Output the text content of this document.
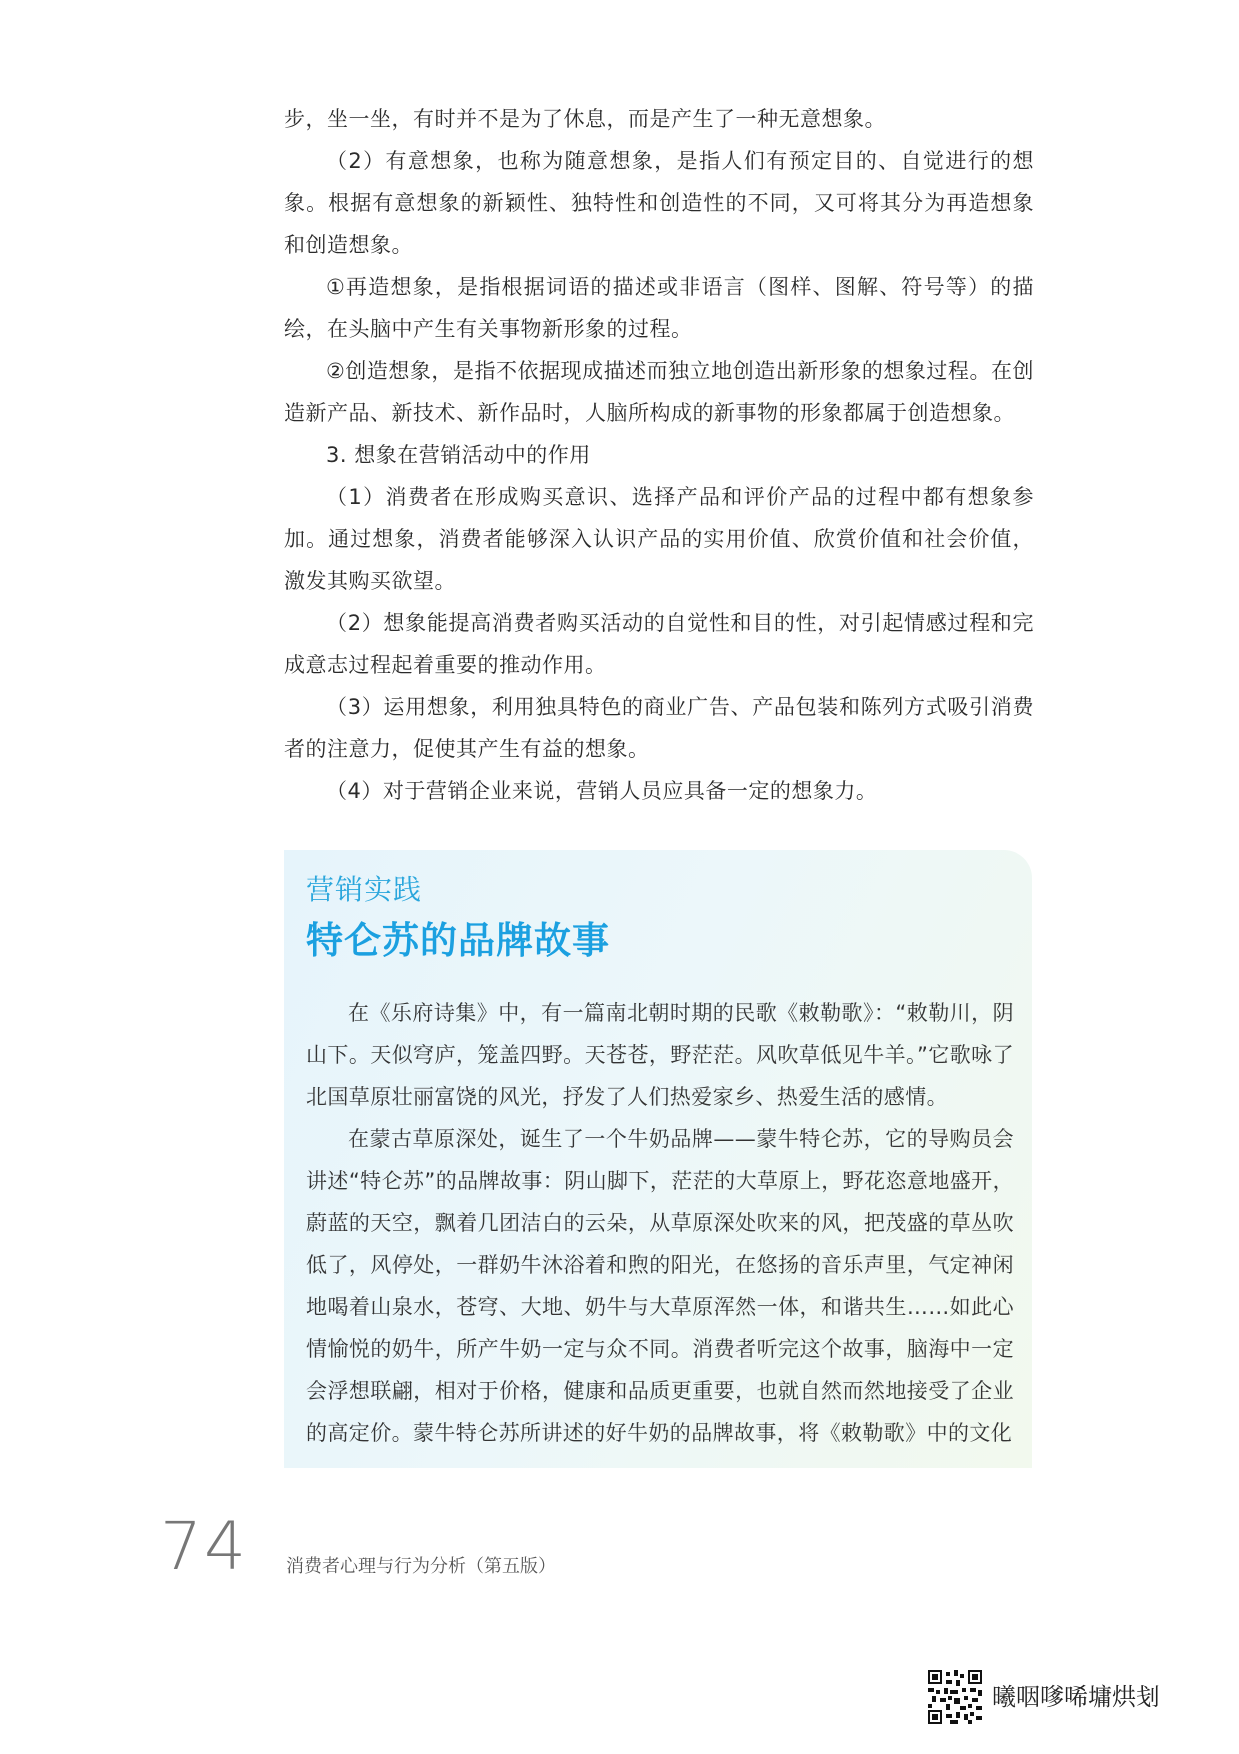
步，坐一坐，有时并不是为了休息，而是产生了一种无意想象。

（2）有意想象，也称为随意想象，是指人们有预定目的、自觉进行的想象。根据有意想象的新颖性、独特性和创造性的不同，又可将其分为再造想象和创造想象。

①再造想象，是指根据词语的描述或非语言（图样、图解、符号等）的描绘，在头脑中产生有关事物新形象的过程。

②创造想象，是指不依据现成描述而独立地创造出新形象的想象过程。在创造新产品、新技术、新作品时，人脑所构成的新事物的形象都属于创造想象。

3. 想象在营销活动中的作用

（1）消费者在形成购买意识、选择产品和评价产品的过程中都有想象参加。通过想象，消费者能够深入认识产品的实用价值、欣赏价值和社会价值，激发其购买欲望。

（2）想象能提高消费者购买活动的自觉性和目的性，对引起情感过程和完成意志过程起着重要的推动作用。

（3）运用想象，利用独具特色的商业广告、产品包装和陈列方式吸引消费者的注意力，促使其产生有益的想象。

（4）对于营销企业来说，营销人员应具备一定的想象力。

营销实践
特仑苏的品牌故事

在《乐府诗集》中，有一篇南北朝时期的民歌《敕勒歌》：“敕勒川，阴山下。天似穹庐，笼盖四野。天苍苍，野茫茫。风吹草低见牛羊。”它歌咏了北国草原壮丽富饶的风光，抒发了人们热爱家乡、热爱生活的感情。

在蒙古草原深处，诞生了一个牛奶品牌——蒙牛特仑苏，它的导购员会讲述“特仑苏”的品牌故事：阴山脚下，茫茫的大草原上，野花恣意地盛开，蔚蓝的天空，飘着几团洁白的云朵，从草原深处吹来的风，把茂盛的草丛吹低了，风停处，一群奶牛沐浴着和煦的阳光，在悠扬的音乐声里，气定神闲地喝着山泉水，苍穹、大地、奶牛与大草原浑然一体，和谐共生……如此心情愉悦的奶牛，所产牛奶一定与众不同。消费者听完这个故事，脑海中一定会浮想联翩，相对于价格，健康和品质更重要，也就自然而然地接受了企业的高定价。蒙牛特仑苏所讲述的好牛奶的品牌故事，将《敕勒歌》中的文化

74 消费者心理与行为分析（第五版）
曦咽嗲唏墉烘刬
